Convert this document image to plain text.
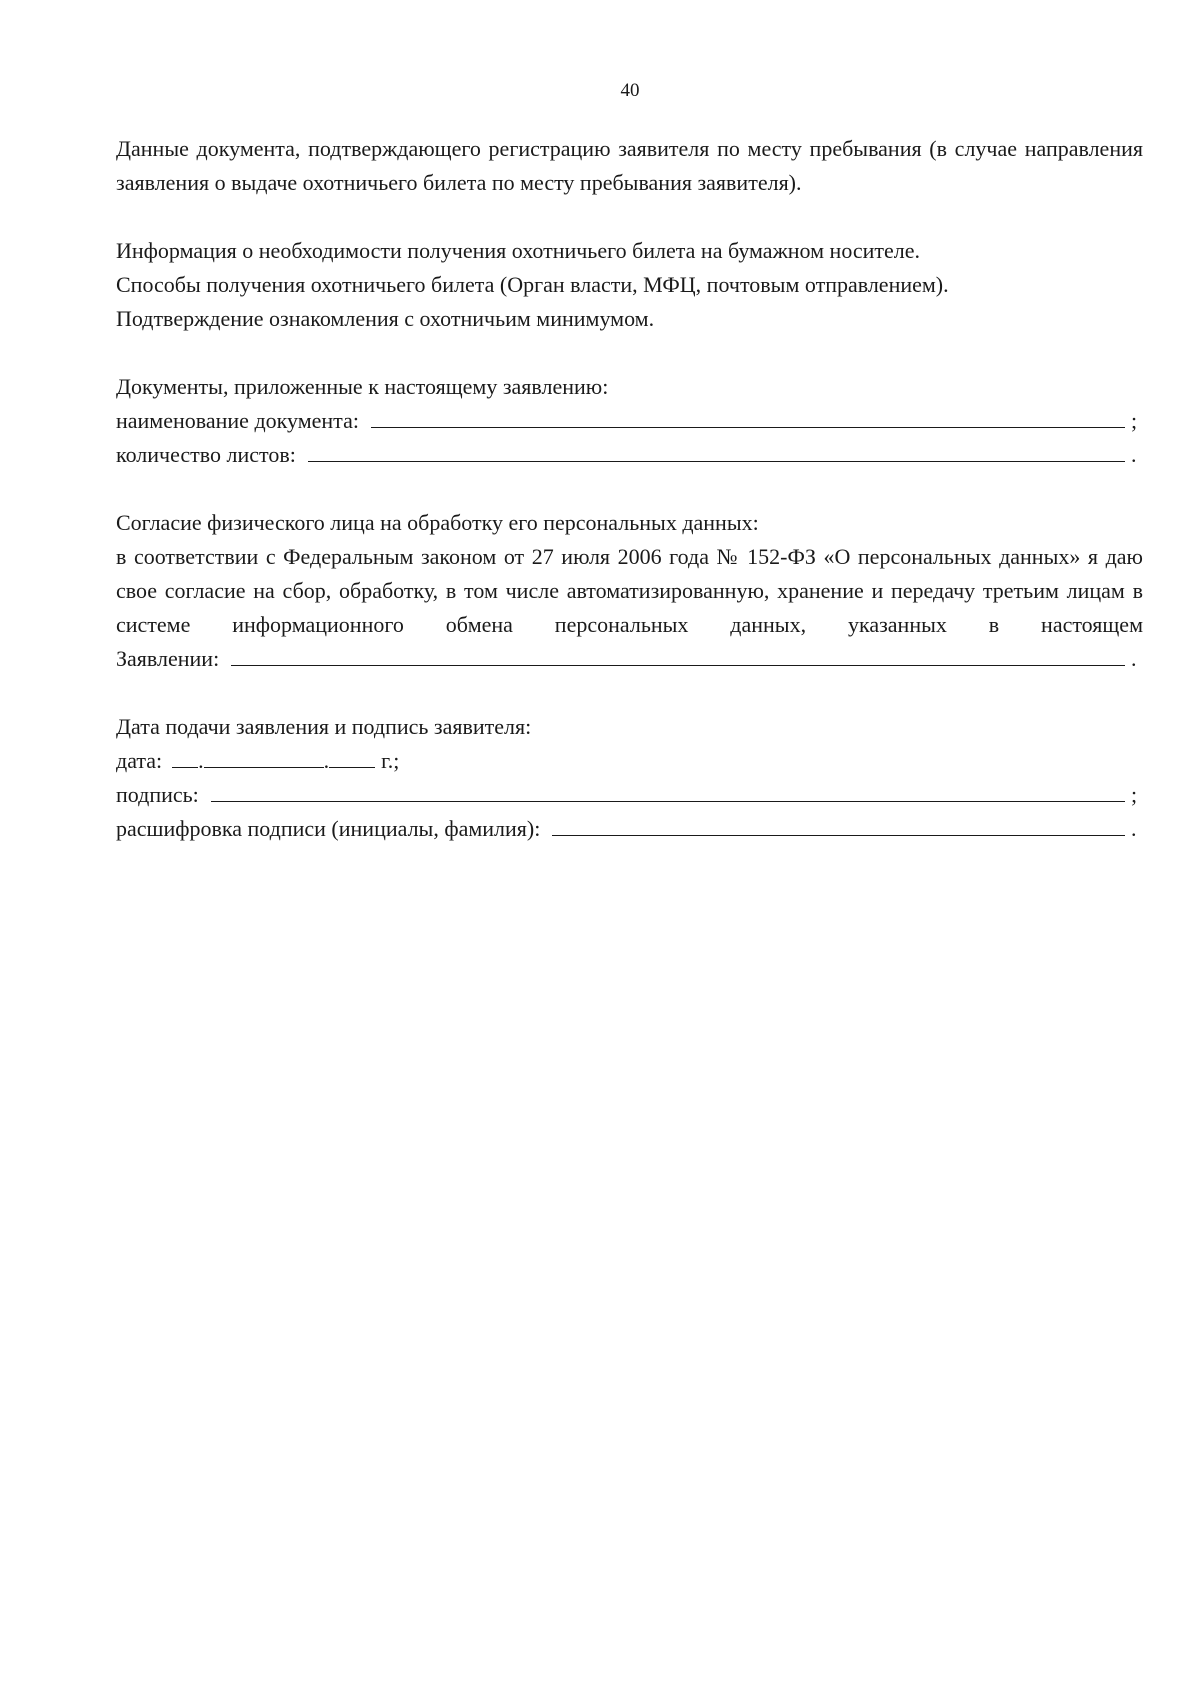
40

Данные документа, подтверждающего регистрацию заявителя по месту пребывания (в случае направления заявления о выдаче охотничьего билета по месту пребывания заявителя).

Информация о необходимости получения охотничьего билета на бумажном носителе.

Способы получения охотничьего билета (Орган власти, МФЦ, почтовым отправлением).

Подтверждение ознакомления с охотничьим минимумом.

Документы, приложенные к настоящему заявлению:

наименование документа:	;
количество листов:	.

Согласие физического лица на обработку его персональных данных:

в соответствии с Федеральным законом от 27 июля 2006 года № 152-ФЗ «О персональных данных» я даю свое согласие на сбор, обработку, в том числе автоматизированную, хранение и передачу третьим лицам в системе информационного обмена персональных данных, указанных в настоящем

Заявлении:	.

Дата подачи заявления и подпись заявителя:

дата: .	. г.;
подпись:	;
расшифровка подписи (инициалы, фамилия):	.
